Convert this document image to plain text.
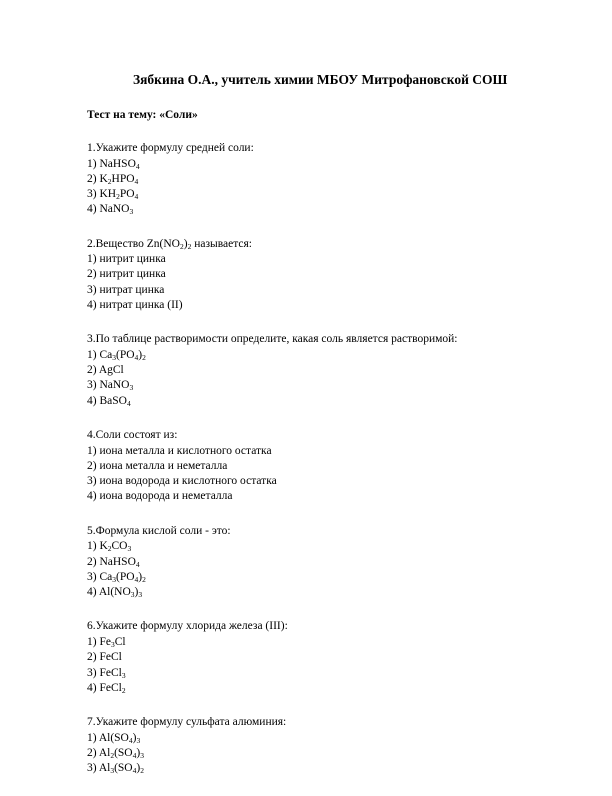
Зябкина О.А., учитель химии МБОУ Митрофановской СОШ
Тест на тему: «Соли»
1.Укажите формулу средней соли:
1) NaHSO$_4$
2) $K_2HPO_4$
3) $KH_2PO_4$
4) NaNO$_3$
2.Вещество $Zn(NO_2)_2$ называется:
1) нитрит цинка
2) нитрит цинка
3) нитрат цинка
4) нитрат цинка (II)
3.По таблице растворимости определите, какая соль является растворимой:
1) $Ca_3(PO_4)_2$
2) AgCl
3) NaNO$_3$
4) BaSO$_4$
4.Соли состоят из:
1) иона металла и кислотного остатка
2) иона металла и неметалла
3) иона водорода и кислотного остатка
4) иона водорода и неметалла
5.Формула кислой соли - это:
1) $K_2CO_3$
2) NaHSO$_4$
3) $Ca_3(PO_4)_2$
4) $Al(NO_3)_3$
6.Укажите формулу хлорида железа (III):
1) $Fe_3Cl$
2) FeCl
3) FeCl$_3$
4) FeCl$_2$
7.Укажите формулу сульфата алюминия:
1) $Al(SO_4)_3$
2) $Al_2(SO_4)_3$
3) $Al_3(SO_4)_2$
